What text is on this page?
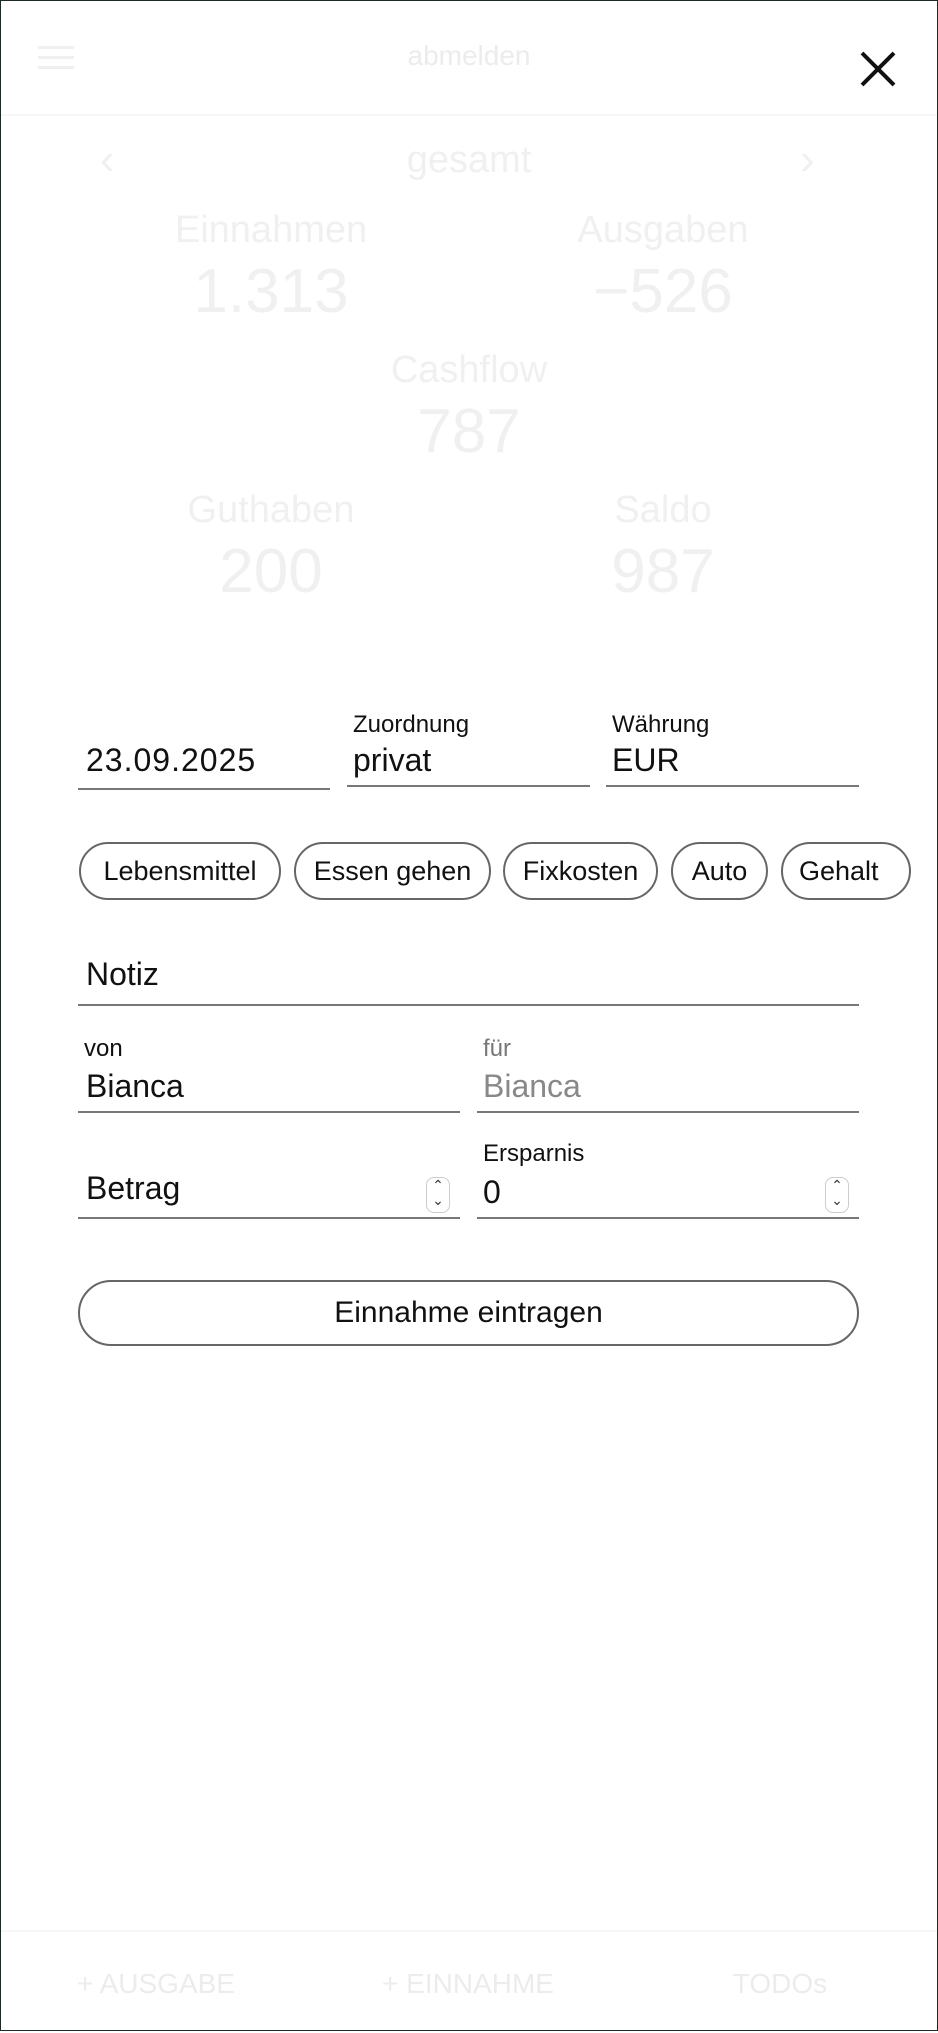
abmelden
‹	›
gesamt
Einnahmen	Ausgaben
1.313	−526
Cashflow
787
Guthaben
200
Saldo
987
23.09.2025
Zuordnung
privat
Währung
EUR
Lebensmittel	Essen gehen	Fixkosten	Auto	Gehalt
Notiz
von
Bianca
für
Bianca
Betrag	⌃
⌄
Ersparnis
0	⌃
⌄
Einnahme eintragen
+ AUSGABE	+ EINNAHME	TODOs
